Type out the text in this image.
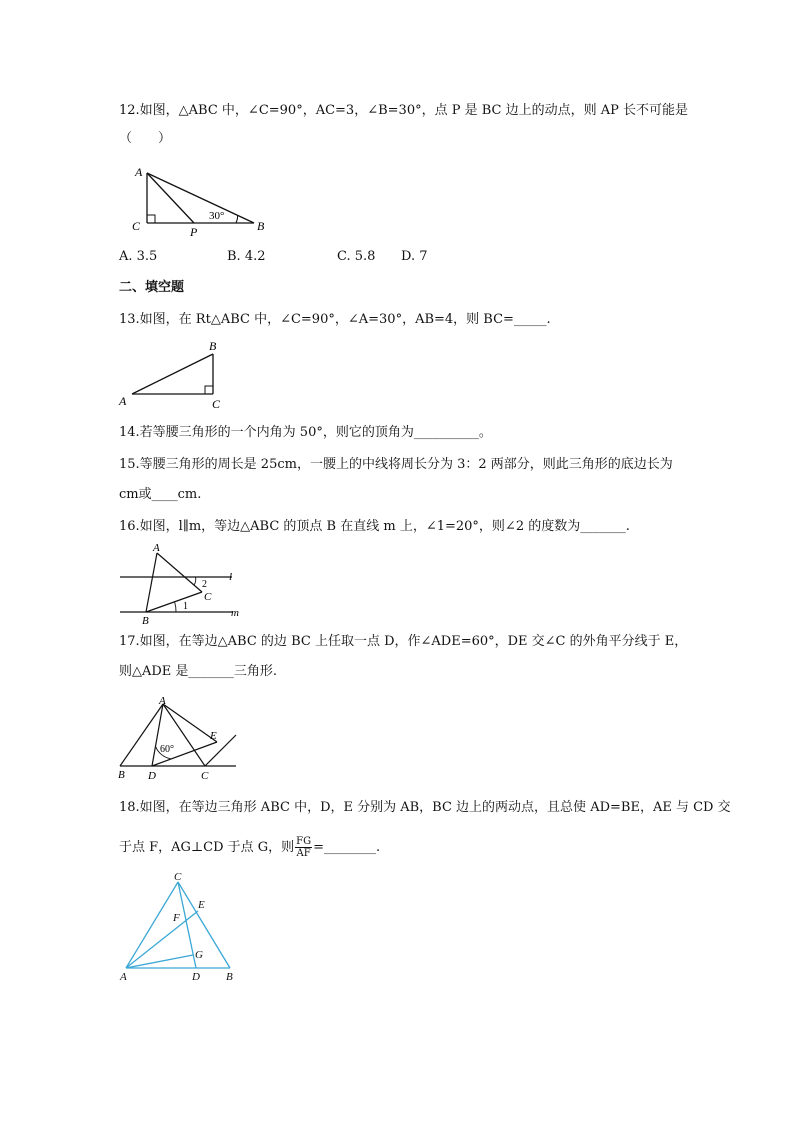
12.如图，△ABC 中，∠C=90°，AC=3，∠B=30°，点 P 是 BC 边上的动点，则 AP 长不可能是
（　　）
A
C	P	B
30°
A. 3.5	B. 4.2	C. 5.8 D. 7
二、填空题
13.如图，在 Rt△ABC 中，∠C=90°，∠A=30°，AB=4，则 BC=_____.
A
B
C
14.若等腰三角形的一个内角为 50°，则它的顶角为__________。
15.等腰三角形的周长是 25cm，一腰上的中线将周长分为 3：2 两部分，则此三角形的底边长为
cm或____cm.
16.如图，l∥m，等边△ABC 的顶点 B 在直线 m 上，∠1=20°，则∠2 的度数为_______.
A
B
C
1
2
l
m
17.如图，在等边△ABC 的边 BC 上任取一点 D，作∠ADE=60°，DE 交∠C 的外角平分线于 E，
则△ADE 是_______三角形.
A
B D	C
E
60°
18.如图，在等边三角形 ABC 中，D，E 分别为 AB，BC 边上的两动点，且总使 AD=BE，AE 与 CD 交
于点 F，AG⊥CD 于点 G，则 $\frac{FG}{AF}$ =________.
C
A	D B
E
F
G
